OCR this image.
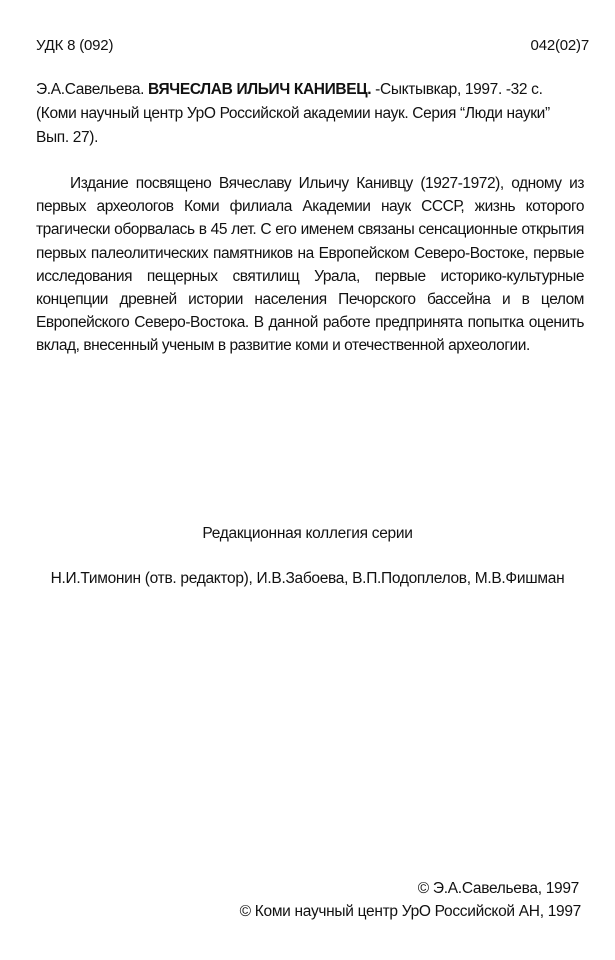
УДК 8 (092)	042(02)7
Э.А.Савельева. ВЯЧЕСЛАВ ИЛЬИЧ КАНИВЕЦ. -Сыктывкар, 1997. -32 с. (Коми научный центр УрО Российской академии наук. Серия “Люди науки” Вып. 27).
Издание посвящено Вячеславу Ильичу Канивцу (1927-1972), одному из
первых археологов Коми филиала Академии наук СССР, жизнь которого
трагически оборвалась в 45 лет. С его именем связаны сенсационные открытия
первых палеолитических памятников на Европейском Северо-Востоке, первые
исследования пещерных святилищ Урала, первые историко-культурные
концепции древней истории населения Печорского бассейна и в целом
Европейского Северо-Востока. В данной работе предпринята попытка оценить
вклад, внесенный ученым в развитие коми и отечественной археологии.
Редакционная коллегия серии
Н.И.Тимонин (отв. редактор), И.В.Забоева, В.П.Подоплелов, М.В.Фишман
© Э.А.Савельева, 1997
© Коми научный центр УрО Российской АН, 1997
